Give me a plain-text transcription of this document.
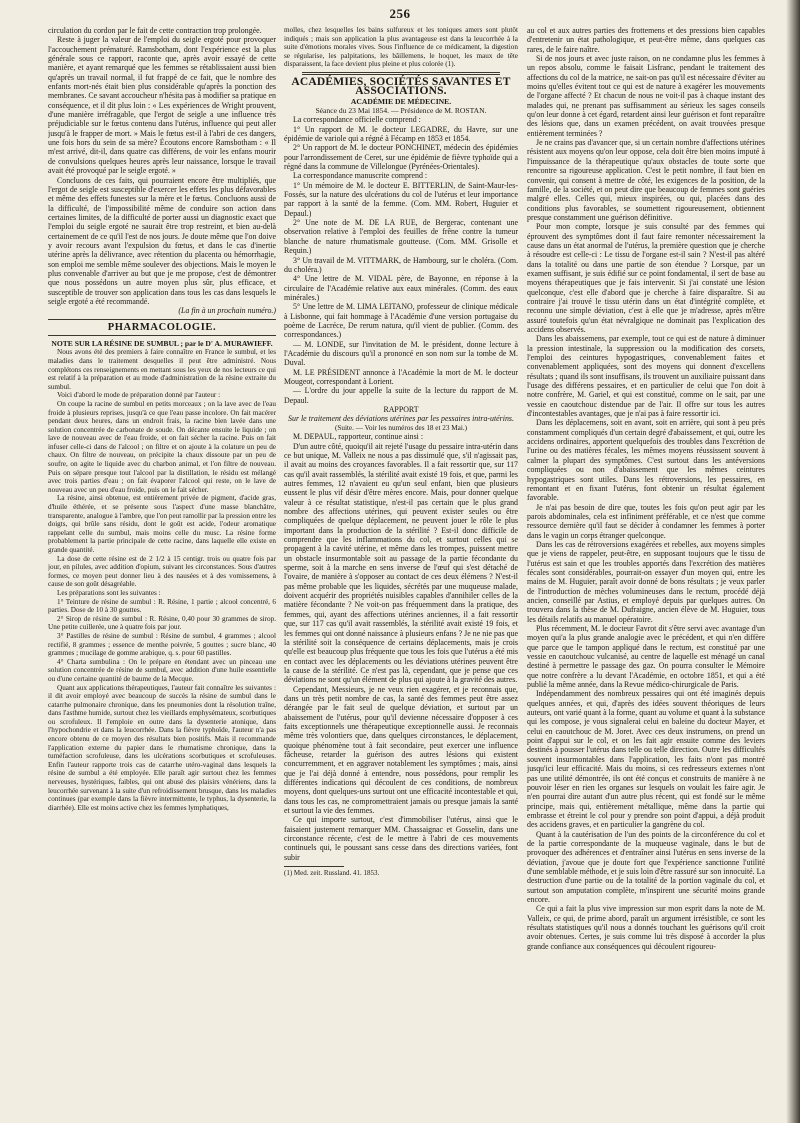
256

circulation du cordon par le fait de cette contraction trop prolongée.

Reste à juger la valeur de l'emploi du seigle ergoté pour provoquer l'accouchement prématuré. Ramsbotham, dont l'expérience est la plus générale sous ce rapport, raconte que, après avoir essayé de cette manière, et ayant remarqué que les femmes se rétablissaient aussi bien qu'après un travail normal, il fut frappé de ce fait, que le nombre des enfants mort-nés était bien plus considérable qu'après la ponction des membranes. Ce savant accoucheur n'hésita pas à modifier sa pratique en conséquence, et il dit plus loin : « Les expériences de Wright prouvent, d'une manière irréfragable, que l'ergot de seigle a une influence très préjudiciable sur le fœtus contenu dans l'utérus, influence qui peut aller jusqu'à le frapper de mort. » Mais le fœtus est-il à l'abri de ces dangers, une fois hors du sein de sa mère? Écoutons encore Ramsbotham : « Il m'est arrivé, dit-il, dans quatre cas différens, de voir les enfans mourir de convulsions quelques heures après leur naissance, lorsque le travail avait été provoqué par le seigle ergoté. »

Concluons de ces faits, qui pourraient encore être multipliés, que l'ergot de seigle est susceptible d'exercer les effets les plus défavorables et même des effets funestes sur la mère et le fœtus. Concluons aussi de la difficulté, de l'impossibilité même de conduire son action dans certaines limites, de la difficulté de porter aussi un diagnostic exact que l'emploi du seigle ergoté ne saurait être trop restreint, et bien au-delà certainement de ce qu'il l'est de nos jours. Je doute même que l'on doive y avoir recours avant l'expulsion du fœtus, et dans le cas d'inertie utérine après la délivrance, avec rétention du placenta ou hémorrhagie, son emploi me semble même soulever des objections. Mais le moyen le plus convenable d'arriver au but que je me propose, c'est de démontrer que nous possédons un autre moyen plus sûr, plus efficace, et susceptible de trouver son application dans tous les cas dans lesquels le seigle ergoté a été recommandé.

(La fin à un prochain numéro.)

PHARMACOLOGIE.

NOTE SUR LA RÉSINE DE SUMBUL ; par le D' A. MURAWIEFF.

Nous avons été des premiers à faire connaître en France le sumbul, et les maladies dans le traitement desquelles il peut être administré. Nous complétons ces renseignements en mettant sous les yeux de nos lecteurs ce qui est relatif à la préparation et au mode d'administration de la résine extraite du sumbul.

Voici d'abord le mode de préparation donné par l'auteur :

On coupe la racine de sumbul en petits morceaux ; on la lave avec de l'eau froide à plusieurs reprises, jusqu'à ce que l'eau passe incolore. On fait macérer pendant deux heures, dans un endroit frais, la racine bien lavée dans une solution concentrée de carbonate de soude. On décante ensuite le liquide ; on lave de nouveau avec de l'eau froide, et on fait sécher la racine. Puis on fait infuser celle-ci dans de l'alcool ; on filtre et on ajoute à la colature un peu de chaux. On filtre de nouveau, on précipite la chaux dissoute par un peu de soufre, on agite le liquide avec du charbon animal, et l'on filtre de nouveau. Puis on sépare presque tout l'alcool par la distillation, le résidu est mélangé avec trois parties d'eau ; on fait évaporer l'alcool qui reste, on le lave de nouveau avec un peu d'eau froide, puis on le fait sécher.

La résine, ainsi obtenue, est entièrement privée de pigment, d'acide gras, d'huile éthérée, et se présente sous l'aspect d'une masse blanchâtre, transparente, analogue à l'ambre, que l'on peut ramollir par la pression entre les doigts, qui brûle sans résidu, dont le goût est acide, l'odeur aromatique rappelant celle du sumbul, mais moins celle du musc. La résine forme probablement la partie principale de cette racine, dans laquelle elle existe en grande quantité.

La dose de cette résine est de 2 1/2 à 15 centigr. trois ou quatre fois par jour, en pilules, avec addition d'opium, suivant les circonstances. Sous d'autres formes, ce moyen peut donner lieu à des nausées et à des vomissemens, à cause de son goût désagréable.

Les préparations sont les suivantes :

1° Teinture de résine de sumbul : R. Résine, 1 partie ; alcool concentré, 6 parties. Dose de 10 à 30 gouttes.

2° Sirop de résine de sumbul : R. Résine, 0,40 pour 30 grammes de sirop. Une petite cuillerée, une à quatre fois par jour.

3° Pastilles de résine de sumbul : Résine de sumbul, 4 grammes ; alcool rectifié, 8 grammes ; essence de menthe poivrée, 5 gouttes ; sucre blanc, 40 grammes ; mucilage de gomme arabique, q. s. pour 60 pastilles.

4° Charta sumbulina : On le prépare en étendant avec un pinceau une solution concentrée de résine de sumbul, avec addition d'une huile essentielle ou d'une certaine quantité de baume de la Mecque.

Quant aux applications thérapeutiques, l'auteur fait connaître les suivantes : il dit avoir employé avec beaucoup de succès la résine de sumbul dans le catarrhe pulmonaire chronique, dans les pneumonies dont la résolution traîne, dans l'asthme humide, surtout chez les vieillards emphysémateux, scorbutiques ou scrofuleux. Il l'emploie en outre dans la dysenterie atonique, dans l'hypochondrie et dans la leucorrhée. Dans la fièvre typhoïde, l'auteur n'a pas encore obtenu de ce moyen des résultats bien positifs. Mais il recommande l'application externe du papier dans le rhumatisme chronique, dans la tuméfaction scrofuleuse, dans les ulcérations scorbutiques et scrofuleuses. Enfin l'auteur rapporte trois cas de catarrhe utéro-vaginal dans lesquels la résine de sumbul a été employée. Elle paraît agir surtout chez les femmes nerveuses, hystériques, faibles, qui ont abusé des plaisirs vénériens, dans la leucorrhée survenant à la suite d'un refroidissement brusque, dans les maladies continues (par exemple dans la fièvre intermittente, le typhus, la dysenterie, la diarrhée). Elle est moins active chez les femmes lymphatiques,

molles, chez lesquelles les bains sulfureux et les toniques amers sont plutôt indiqués ; mais son application la plus avantageuse est dans la leucorrhée à la suite d'émotions morales vives. Sous l'influence de ce médicament, la digestion se régularise, les palpitations, les bâillemens, le hoquet, les maux de tête disparaissent, la face devient plus pleine et plus colorée (1).

ACADÉMIES, SOCIÉTÉS SAVANTES ET ASSOCIATIONS.

ACADÉMIE DE MÉDECINE.

Séance du 23 Mai 1854. — Présidence de M. ROSTAN.

La correspondance officielle comprend :

1° Un rapport de M. le docteur LEGADRE, du Havre, sur une épidémie de variole qui a régné à Fécamp en 1853 et 1854.

2° Un rapport de M. le docteur PONCHINET, médecin des épidémies pour l'arrondissement de Ceret, sur une épidémie de fièvre typhoïde qui a régné dans la commune de Villelongue (Pyrénées-Orientales).

La correspondance manuscrite comprend :

1° Un mémoire de M. le docteur E. BITTERLIN, de Saint-Maur-les-Fossés, sur la nature des ulcérations du col de l'utérus et leur importance par rapport à la santé de la femme. (Com. MM. Robert, Huguier et Depaul.)

2° Une note de M. DE LA RUE, de Bergerac, contenant une observation relative à l'emploi des feuilles de frêne contre la tumeur blanche de nature rhumatismale goutteuse. (Com. MM. Grisolle et Requin.)

3° Un travail de M. VITTMARK, de Hambourg, sur le choléra. (Com. du choléra.)

4° Une lettre de M. VIDAL père, de Bayonne, en réponse à la circulaire de l'Académie relative aux eaux minérales. (Comm. des eaux minérales.)

5° Une lettre de M. LIMA LEITANO, professeur de clinique médicale à Lisbonne, qui fait hommage à l'Académie d'une version portugaise du poème de Lacréce, De rerum natura, qu'il vient de publier. (Comm. des correspondances.)

— M. LONDE, sur l'invitation de M. le président, donne lecture à l'Académie du discours qu'il a prononcé en son nom sur la tombe de M. Duval.

M. LE PRÉSIDENT annonce à l'Académie la mort de M. le docteur Mougeot, correspondant à Lorient.

— L'ordre du jour appelle la suite de la lecture du rapport de M. Depaul.

RAPPORT

Sur le traitement des déviations utérines par les pessaires intra-utérins.

(Suite. — Voir les numéros des 18 et 23 Mai.)

M. DEPAUL, rapporteur, continue ainsi :

D'un autre côté, quoiqu'il ait rejeté l'usage du pessaire intra-utérin dans ce but unique, M. Valleix ne nous a pas dissimulé que, s'il n'agissait pas, il avait au moins des croyances favorables. Il a fait ressortir que, sur 117 cas qu'il avait rassemblés, la stérilité avait existé 19 fois, et que, parmi les autres femmes, 12 n'avaient eu qu'un seul enfant, bien que plusieurs eussent le plus vif désir d'être mères encore. Mais, pour donner quelque valeur à ce résultat statistique, n'est-il pas certain que le plus grand nombre des affections utérines, qui peuvent exister seules ou être compliquées de quelque déplacement, ne peuvent jouer le rôle le plus important dans la production de la stérilité ? Est-il donc difficile de comprendre que les inflammations du col, et surtout celles qui se propagent à la cavité utérine, et même dans les trompes, puissent mettre un obstacle insurmontable soit au passage de la partie fécondante du sperme, soit à la marche en sens inverse de l'œuf qui s'est détaché de l'ovaire, de manière à s'opposer au contact de ces deux élémens ? N'est-il pas même probable que les liquides, sécrétés par une muqueuse malade, doivent acquérir des propriétés nuisibles capables d'annihiler celles de la matière fécondante ? Ne voit-on pas fréquemment dans la pratique, des femmes, qui, ayant des affections utérines anciennes, il a fait ressortir que, sur 117 cas qu'il avait rassemblés, la stérilité avait existé 19 fois, et les femmes qui ont donné naissance à plusieurs enfans ? Je ne nie pas que la stérilité soit la conséquence de certains déplacements, mais je crois qu'elle est beaucoup plus fréquente que tous les fois que l'utérus a été mis en contact avec les déplacements ou les déviations utérines peuvent être la cause de la stérilité. Ce n'est pas là, cependant, que je pense que ces déviations ne sont qu'un élément de plus qui ajoute à la gravité des autres.

Cependant, Messieurs, je ne veux rien exagérer, et je reconnais que, dans un très petit nombre de cas, la santé des femmes peut être assez dérangée par le fait seul de quelque déviation, et surtout par un abaissement de l'utérus, pour qu'il devienne nécessaire d'opposer à ces faits exceptionnels une thérapeutique exceptionnelle aussi. Je reconnais même très volontiers que, dans quelques circonstances, le déplacement, quoique phénomène tout à fait secondaire, peut exercer une influence fâcheuse, retarder la guérison des autres lésions qui existent concurremment, et en aggraver notablement les symptômes ; mais, ainsi que je l'ai déjà donné à entendre, nous possédons, pour remplir les différentes indications qui découlent de ces conditions, de nombreux moyens, dont quelques-uns surtout ont une efficacité incontestable et qui, dans tous les cas, ne compromettraient jamais ou presque jamais la santé et surtout la vie des femmes.

Ce qui importe surtout, c'est d'immobiliser l'utérus, ainsi que le faisaient justement remarquer MM. Chassaignac et Gosselin, dans une circonstance récente, c'est de le mettre à l'abri de ces mouvements continuels qui, le poussant sans cesse dans des directions variées, font subir

(1) Med. zeit. Russland. 41. 1853.

au col et aux autres parties des frottemens et des pressions bien capables d'entretenir un état pathologique, et peut-être même, dans quelques cas rares, de le faire naître.

Si de nos jours et avec juste raison, on ne condamne plus les femmes à un repos absolu, comme le faisait Lisfranc, pendant le traitement des affections du col de la matrice, ne sait-on pas qu'il est nécessaire d'éviter au moins qu'elles évitent tout ce qui est de nature à exagérer les mouvements de l'organe affecté ? Et chacun de nous ne voit-il pas à chaque instant des malades qui, ne prenant pas suffisamment au sérieux les sages conseils qu'on leur donne à cet égard, retardent ainsi leur guérison et font reparaître des lésions que, dans un examen précédent, on avait trouvées presque entièrement terminées ?

Je ne crains pas d'avancer que, si un certain nombre d'affections utérines résistent aux moyens qu'on leur oppose, cela doit être bien moins imputé à l'impuissance de la thérapeutique qu'aux obstacles de toute sorte que rencontre sa rigoureuse application. C'est le petit nombre, il faut bien en convenir, qui consent à mettre de côté, les exigences de la position, de la famille, de la société, et on peut dire que beaucoup de femmes sont guéries malgré elles. Celles qui, mieux inspirées, ou qui, placées dans des conditions plus favorables, se soumettent rigoureusement, obtiennent presque constamment une guérison définitive.

Pour mon compte, lorsque je suis consulté par des femmes qui éprouvent des symptômes dont il faut faire remonter nécessairement la cause dans un état anormal de l'utérus, la première question que je cherche à résoudre est celle-ci : Le tissu de l'organe est-il sain ? N'est-il pas altéré dans la totalité ou dans une partie de son étendue ? Lorsque, par un examen suffisant, je suis édifié sur ce point fondamental, il sert de base au moyens thérapeutiques que je fais intervenir. Si j'ai constaté une lésion quelconque, c'est elle d'abord que je cherche à faire disparaître. Si au contraire j'ai trouvé le tissu utérin dans un état d'intégrité complète, et reconnu une simple déviation, c'est à elle que je m'adresse, après m'être assuré toutefois qu'un état névralgique ne dominait pas l'explication des accidens observés.

Dans les abaissemens, par exemple, tout ce qui est de nature à diminuer la pression intestinale, la suppression ou la modification des corsets, l'emploi des ceintures hypogastriques, convenablement faites et convenablement appliquées, sont des moyens qui donnent d'excellens résultats ; quand ils sont insuffisans, ils trouvent un auxiliaire puissant dans l'usage des différens pessaires, et en particulier de celui que l'on doit à notre confrère, M. Gariel, et qui est constitué, comme on le sait, par une vessie en caoutchouc distendue par de l'air. Il offre sur tous les autres d'incontestables avantages, que je n'ai pas à faire ressortir ici.

Dans les déplacemens, soit en avant, soit en arrière, qui sont à peu près constamment compliqués d'un certain degré d'abaissement, et qui, outre les accidens ordinaires, apportent quelquefois des troubles dans l'excrétion de l'urine ou des matières fécales, les mêmes moyens réussissent souvent à calmer la plupart des symptômes. C'est surtout dans les antéversions compliquées ou non d'abaissement que les mêmes ceintures hypogastriques sont utiles. Dans les rétroversions, les pessaires, en remontant et en fixant l'utérus, font obtenir un résultat également favorable.

Je n'ai pas besoin de dire que, toutes les fois qu'on peut agir par les parois abdominales, cela est infiniment préférable, et ce n'est que comme ressource dernière qu'il faut se décider à condamner les femmes à porter dans le vagin un corps étranger quelconque.

Dans les cas de rétroversions exagérées et rebelles, aux moyens simples que je viens de rappeler, peut-être, en supposant toujours que le tissu de l'utérus est sain et que les troubles apportés dans l'excrétion des matières fécales sont considérables, pourrait-on essayer d'un moyen qui, entre les mains de M. Huguier, paraît avoir donné de bons résultats ; je veux parler de l'introduction de mèches volumineuses dans le rectum, procédé déjà ancien, conseillé par Astius, et employé depuis par quelques autres. On trouvera dans la thèse de M. Dufraigne, ancien élève de M. Huguier, tous les détails relatifs au manuel opératoire.

Plus récemment, M. le docteur Favrot dit s'être servi avec avantage d'un moyen qui'a la plus grande analogie avec le précédent, et qui n'en diffère que parce que le tampon appliqué dans le rectum, est constitué par une vessie en caoutchouc vulcanisé, au centre de laquelle est ménagé un canal destiné à permettre le passage des gaz. On pourra consulter le Mémoire que notre confrère a lu devant l'Académie, en octobre 1851, et qui a été publié la même année, dans la Revue médico-chirurgicale de Paris.

Indépendamment des nombreux pessaires qui ont été imaginés depuis quelques années, et qui, d'après des idées souvent théoriques de leurs auteurs, ont varié quant à la forme, quant au volume et quant à la substance qui les compose, je vous signalerai celui en baleine du docteur Mayer, et celui en caoutchouc de M. Joret. Avec ces deux instrumens, on prend un point d'appui sur le col, et on les fait agir ensuite comme des leviers destinés à pousser l'utérus dans telle ou telle direction. Outre les difficultés souvent insurmontables dans l'application, les faits n'ont pas montré jusqu'ici leur efficacité. Mais du moins, si ces redresseurs externes n'ont pas une utilité démontrée, ils ont été conçus et construits de manière à ne pouvoir léser en rien les organes sur lesquels on voulait les faire agir. Je n'en pourrai dire autant d'un autre plus récent, qui est fondé sur le même principe, mais qui, entièrement métallique, même dans la partie qui embrasse et étreint le col pour y prendre son point d'appui, a déjà produit des accidens graves, et en particulier la gangrène du col.

Quant à la cautérisation de l'un des points de la circonférence du col et de la partie correspondante de la muqueuse vaginale, dans le but de provoquer des adhérences et d'entraîner ainsi l'utérus en sens inverse de la déviation, j'avoue que je doute fort que l'expérience sanctionne l'utilité d'une semblable méthode, et je suis loin d'être rassuré sur son innocuité. La destruction d'une partie ou de la totalité de la portion vaginale du col, et surtout son amputation complète, m'inspirent une sécurité moins grande encore.

Ce qui a fait la plus vive impression sur mon esprit dans la note de M. Valleix, ce qui, de prime abord, paraît un argument irrésistible, ce sont les résultats statistiques qu'il nous a donnés touchant les guérisons qu'il croit avoir obtenues. Certes, je suis comme lui très disposé à accorder la plus grande confiance aux conséquences qui découlent rigoureu-
